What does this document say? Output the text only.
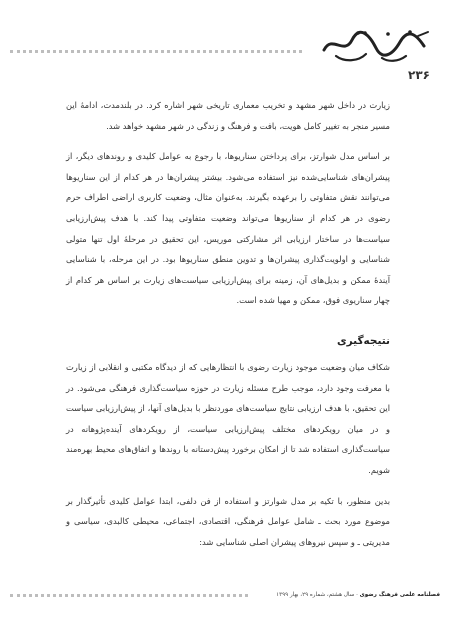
۲۳۶

زیارت در داخل شهر مشهد و تخریب معماری تاریخی شهر اشاره کرد. در بلندمدت، ادامهٔ این مسیر منجر به تغییر کامل هویت، بافت و فرهنگ و زندگی در شهر مشهد خواهد شد.

بر اساس مدل شوارتز، برای پرداختن سناریوها، با رجوع به عوامل کلیدی و روندهای دیگر، از پیشران‌های شناسایی‌شده نیز استفاده می‌شود. بیشتر پیشران‌ها در هر کدام از این سناریوها می‌توانند نقش متفاوتی را برعهده بگیرند. به‌عنوان مثال، وضعیت کاربری اراضی اطراف حرم رضوی در هر کدام از سناریوها می‌تواند وضعیت متفاوتی پیدا کند. با هدف پیش‌ارزیابی سیاست‌ها در ساختار ارزیابی اثر مشارکتی موریس، این تحقیق در مرحلهٔ اول تنها متولی شناسایی و اولویت‌گذاری پیشران‌ها و تدوین منطق سناریوها بود. در این مرحله، با شناسایی آیندهٔ ممکن و بدیل‌های آن، زمینه برای پیش‌ارزیابی سیاست‌های زیارت بر اساس هر کدام از چهار سناریوی فوق، ممکن و مهیا شده است.

نتیجه‌گیری

شکاف میان وضعیت موجود زیارت رضوی با انتظارهایی که از دیدگاه مکتبی و انقلابی از زیارت با معرفت وجود دارد، موجب طرح مسئله زیارت در حوزه سیاست‌گذاری فرهنگی می‌شود. در این تحقیق، با هدف ارزیابی نتایج سیاست‌های موردنظر با بدیل‌های آنها، از پیش‌ارزیابی سیاست و در میان رویکردهای مختلف پیش‌ارزیابی سیاست، از رویکردهای آینده‌پژوهانه در سیاست‌گذاری استفاده شد تا از امکان برخورد پیش‌دستانه با روندها و اتفاق‌های محیط بهره‌مند شویم.

بدین منظور، با تکیه بر مدل شوارتز و استفاده از فن دلفی، ابتدا عوامل کلیدی تأثیرگذار بر موضوع مورد بحث ـ شامل عوامل فرهنگی، اقتصادی، اجتماعی، محیطی کالبدی، سیاسی و مدیریتی ـ و سپس نیروهای پیشران اصلی شناسایی شد:

فصلنامه علمی فرهنگ رضوی · سال هشتم، شماره ۲۹، بهار ۱۳۹۹
